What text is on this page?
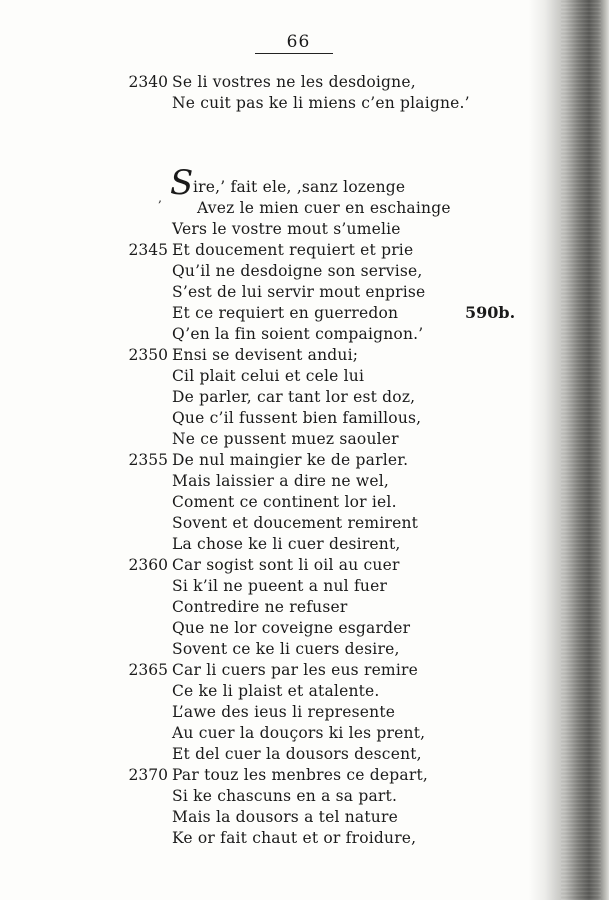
66
2340 Se li vostres ne les desdoigne,
Ne cuit pas ke li miens c’en plaigne.’
S
‚
ire,’ fait ele, ‚sanz lozenge
Avez le mien cuer en eschainge
Vers le vostre mout s’umelie
2345 Et doucement requiert et prie
Qu’il ne desdoigne son servise,
S’est de lui servir mout enprise
Et ce requiert en guerredon
Q’en la fin soient compaignon.’
2350 Ensi se devisent andui;
Cil plait celui et cele lui
De parler, car tant lor est doz,
Que c’il fussent bien famillous,
Ne ce pussent muez saouler
2355 De nul maingier ke de parler.
Mais laissier a dire ne wel,
Coment ce continent lor iel.
Sovent et doucement remirent
La chose ke li cuer desirent,
2360 Car sogist sont li oil au cuer
Si k’il ne pueent a nul fuer
Contredire ne refuser
Que ne lor coveigne esgarder
Sovent ce ke li cuers desire,
2365 Car li cuers par les eus remire
Ce ke li plaist et atalente.
L’awe des ieus li represente
Au cuer la douçors ki les prent,
Et del cuer la dousors descent,
2370 Par touz les menbres ce depart,
Si ke chascuns en a sa part.
Mais la dousors a tel nature
Ke or fait chaut et or froidure,
590b.
